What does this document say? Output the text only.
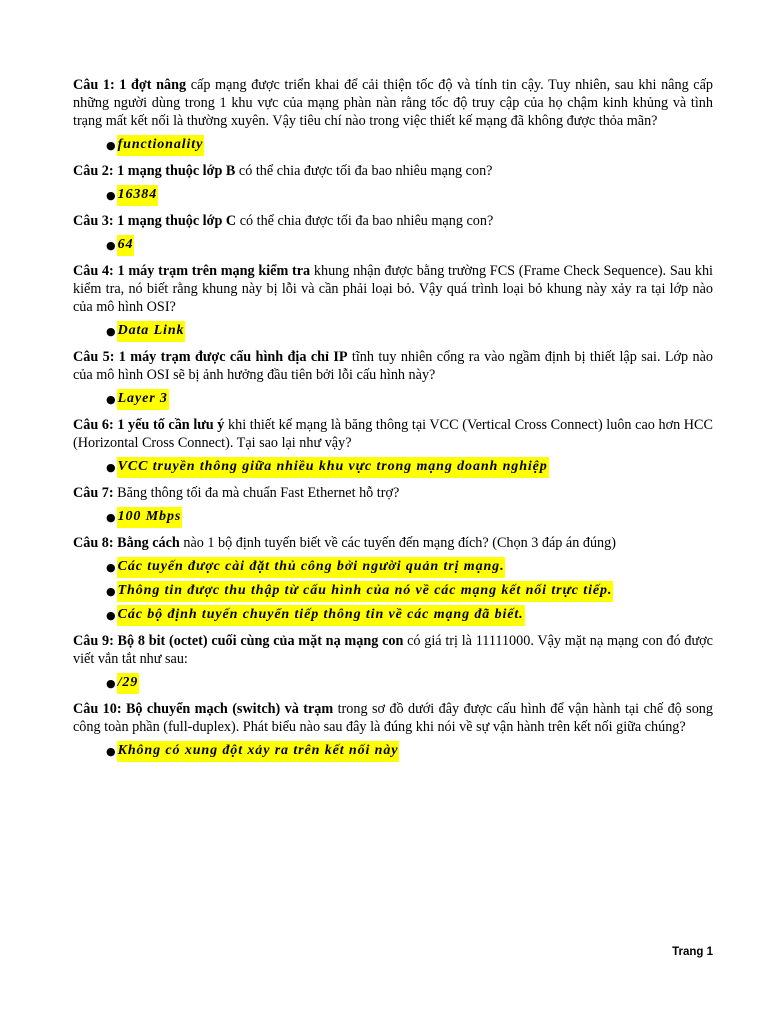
Câu 1: 1 đợt nâng cấp mạng được triển khai để cải thiện tốc độ và tính tin cậy. Tuy nhiên, sau khi nâng cấp những người dùng trong 1 khu vực của mạng phàn nàn rằng tốc độ truy cập của họ chậm kinh khủng và tình trạng mất kết nối là thường xuyên. Vậy tiêu chí nào trong việc thiết kế mạng đã không được thỏa mãn?

● functionality

Câu 2: 1 mạng thuộc lớp B có thể chia được tối đa bao nhiêu mạng con?

● 16384

Câu 3: 1 mạng thuộc lớp C có thể chia được tối đa bao nhiêu mạng con?

● 64

Câu 4: 1 máy trạm trên mạng kiểm tra khung nhận được bằng trường FCS (Frame Check Sequence). Sau khi kiểm tra, nó biết rằng khung này bị lỗi và cần phải loại bỏ. Vậy quá trình loại bỏ khung này xảy ra tại lớp nào của mô hình OSI?

● Data Link

Câu 5: 1 máy trạm được cấu hình địa chỉ IP tĩnh tuy nhiên cổng ra vào ngầm định bị thiết lập sai. Lớp nào của mô hình OSI sẽ bị ảnh hưởng đầu tiên bởi lỗi cấu hình này?

● Layer 3

Câu 6: 1 yếu tố cần lưu ý khi thiết kế mạng là băng thông tại VCC (Vertical Cross Connect) luôn cao hơn HCC (Horizontal Cross Connect). Tại sao lại như vậy?

● VCC truyền thông giữa nhiều khu vực trong mạng doanh nghiệp

Câu 7: Băng thông tối đa mà chuẩn Fast Ethernet hỗ trợ?

● 100 Mbps

Câu 8: Bằng cách nào 1 bộ định tuyến biết về các tuyến đến mạng đích? (Chọn 3 đáp án đúng)

● Các tuyến được cài đặt thủ công bởi người quản trị mạng.
● Thông tin được thu thập từ cấu hình của nó về các mạng kết nối trực tiếp.
● Các bộ định tuyến chuyển tiếp thông tin về các mạng đã biết.

Câu 9: Bộ 8 bit (octet) cuối cùng của mặt nạ mạng con có giá trị là 11111000. Vậy mặt nạ mạng con đó được viết vắn tắt như sau:

● /29

Câu 10: Bộ chuyển mạch (switch) và trạm trong sơ đồ dưới đây được cấu hình để vận hành tại chế độ song công toàn phần (full-duplex). Phát biểu nào sau đây là đúng khi nói về sự vận hành trên kết nối giữa chúng?

● Không có xung đột xảy ra trên kết nối này
Trang 1
